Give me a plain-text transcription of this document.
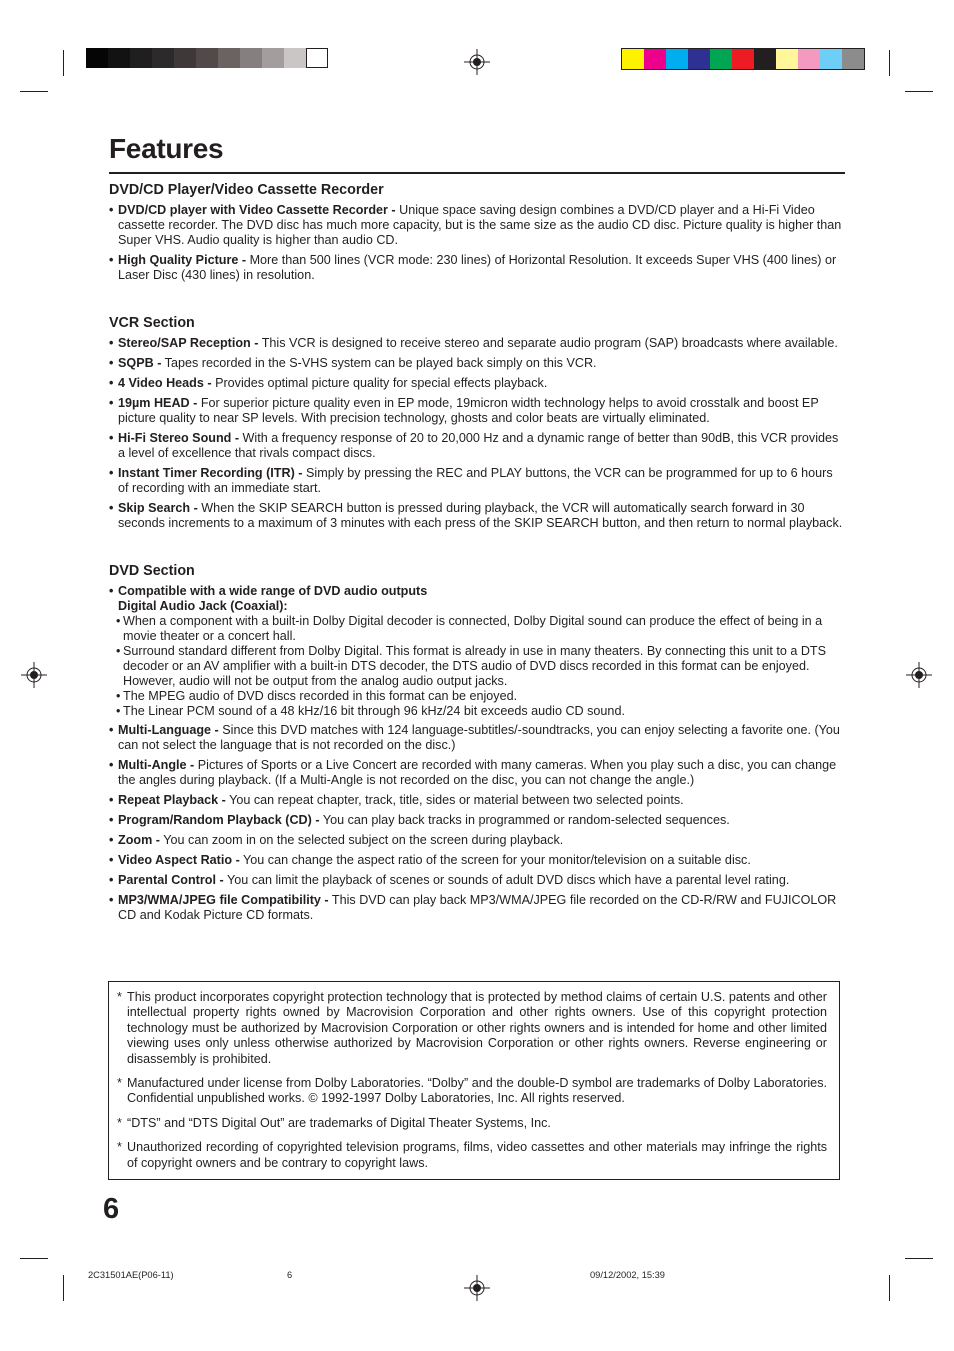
Features
DVD/CD Player/Video Cassette Recorder
• DVD/CD player with Video Cassette Recorder - Unique space saving design combines a DVD/CD player and a Hi-Fi Video cassette recorder. The DVD disc has much more capacity, but is the same size as the audio CD disc. Picture quality is higher than Super VHS. Audio quality is higher than audio CD.
• High Quality Picture - More than 500 lines (VCR mode: 230 lines) of Horizontal Resolution. It exceeds Super VHS (400 lines) or Laser Disc (430 lines) in resolution.
VCR Section
• Stereo/SAP Reception - This VCR is designed to receive stereo and separate audio program (SAP) broadcasts where available.
• SQPB - Tapes recorded in the S-VHS system can be played back simply on this VCR.
• 4 Video Heads - Provides optimal picture quality for special effects playback.
• 19µm HEAD - For superior picture quality even in EP mode, 19micron width technology helps to avoid crosstalk and boost EP picture quality to near SP levels. With precision technology, ghosts and color beats are virtually eliminated.
• Hi-Fi Stereo Sound - With a frequency response of 20 to 20,000 Hz and a dynamic range of better than 90dB, this VCR provides a level of excellence that rivals compact discs.
• Instant Timer Recording (ITR) - Simply by pressing the REC and PLAY buttons, the VCR can be programmed for up to 6 hours of recording with an immediate start.
• Skip Search - When the SKIP SEARCH button is pressed during playback, the VCR will automatically search forward in 30 seconds increments to a maximum of 3 minutes with each press of the SKIP SEARCH button, and then return to normal playback.
DVD Section
• Compatible with a wide range of DVD audio outputs
Digital Audio Jack (Coaxial):
• When a component with a built-in Dolby Digital decoder is connected, Dolby Digital sound can produce the effect of being in a movie theater or a concert hall.
• Surround standard different from Dolby Digital. This format is already in use in many theaters. By connecting this unit to a DTS decoder or an AV amplifier with a built-in DTS decoder, the DTS audio of DVD discs recorded in this format can be enjoyed. However, audio will not be output from the analog audio output jacks.
• The MPEG audio of DVD discs recorded in this format can be enjoyed.
• The Linear PCM sound of a 48 kHz/16 bit through 96 kHz/24 bit exceeds audio CD sound.
• Multi-Language - Since this DVD matches with 124 language-subtitles/-soundtracks, you can enjoy selecting a favorite one. (You can not select the language that is not recorded on the disc.)
• Multi-Angle - Pictures of Sports or a Live Concert are recorded with many cameras. When you play such a disc, you can change the angles during playback. (If a Multi-Angle is not recorded on the disc, you can not change the angle.)
• Repeat Playback - You can repeat chapter, track, title, sides or material between two selected points.
• Program/Random Playback (CD) - You can play back tracks in programmed or random-selected sequences.
• Zoom - You can zoom in on the selected subject on the screen during playback.
• Video Aspect Ratio - You can change the aspect ratio of the screen for your monitor/television on a suitable disc.
• Parental Control - You can limit the playback of scenes or sounds of adult DVD discs which have a parental level rating.
• MP3/WMA/JPEG file Compatibility - This DVD can play back MP3/WMA/JPEG file recorded on the CD-R/RW and FUJICOLOR CD and Kodak Picture CD formats.

* This product incorporates copyright protection technology that is protected by method claims of certain U.S. patents and other intellectual property rights owned by Macrovision Corporation and other rights owners. Use of this copyright protection technology must be authorized by Macrovision Corporation or other rights owners and is intended for home and other limited viewing uses only unless otherwise authorized by Macrovision Corporation or other rights owners. Reverse engineering or disassembly is prohibited.

* Manufactured under license from Dolby Laboratories. “Dolby” and the double-D symbol are trademarks of Dolby Laboratories. Confidential unpublished works. © 1992-1997 Dolby Laboratories, Inc. All rights reserved.

* “DTS” and “DTS Digital Out” are trademarks of Digital Theater Systems, Inc.

* Unauthorized recording of copyrighted television programs, films, video cassettes and other materials may infringe the rights of copyright owners and be contrary to copyright laws.

6
2C31501AE(P06-11)	6	09/12/2002, 15:39
